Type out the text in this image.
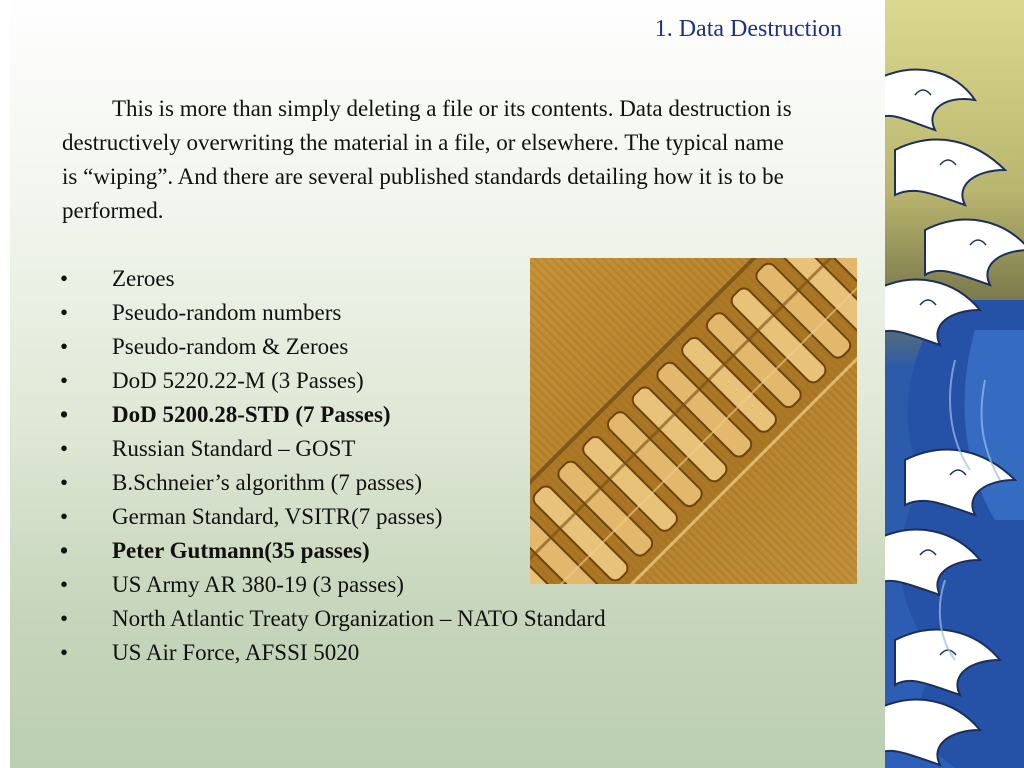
1. Data Destruction
This is more than simply deleting a file or its contents. Data destruction is destructively overwriting the material in a file, or elsewhere. The typical name is “wiping”. And there are several published standards detailing how it is to be performed.
• Zeroes
• Pseudo-random numbers
• Pseudo-random & Zeroes
• DoD 5220.22-M (3 Passes)
• DoD 5200.28-STD (7 Passes)
• Russian Standard – GOST
• B.Schneier’s algorithm (7 passes)
• German Standard, VSITR(7 passes)
• Peter Gutmann(35 passes)
• US Army AR 380-19 (3 passes)
• North Atlantic Treaty Organization – NATO Standard
• US Air Force, AFSSI 5020
